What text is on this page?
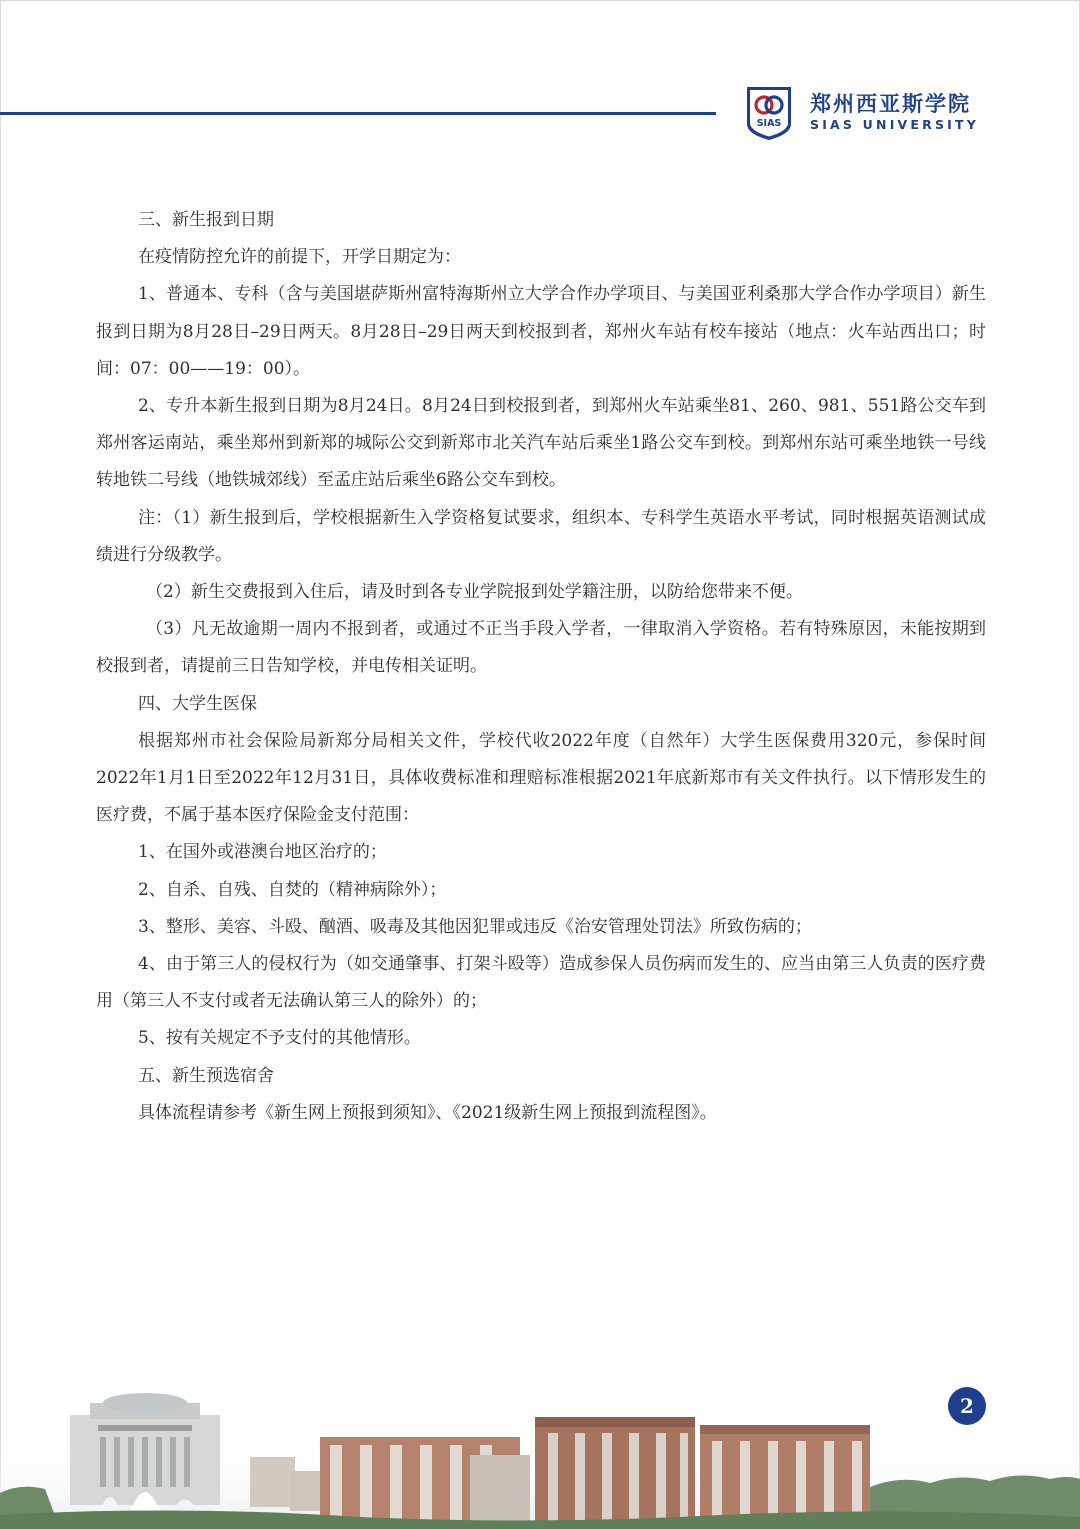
SIAS
郑州西亚斯学院
SIAS UNIVERSITY

三、新生报到日期

在疫情防控允许的前提下，开学日期定为：

1、普通本、专科（含与美国堪萨斯州富特海斯州立大学合作办学项目、与美国亚利桑那大学合作办学项目）新生报到日期为8月28日–29日两天。8月28日–29日两天到校报到者，郑州火车站有校车接站（地点：火车站西出口；时间：07：00——19：00）。

2、专升本新生报到日期为8月24日。8月24日到校报到者，到郑州火车站乘坐81、260、981、551路公交车到郑州客运南站，乘坐郑州到新郑的城际公交到新郑市北关汽车站后乘坐1路公交车到校。到郑州东站可乘坐地铁一号线转地铁二号线（地铁城郊线）至孟庄站后乘坐6路公交车到校。

注：（1）新生报到后，学校根据新生入学资格复试要求，组织本、专科学生英语水平考试，同时根据英语测试成绩进行分级教学。

（2）新生交费报到入住后，请及时到各专业学院报到处学籍注册，以防给您带来不便。

（3）凡无故逾期一周内不报到者，或通过不正当手段入学者，一律取消入学资格。若有特殊原因，未能按期到校报到者，请提前三日告知学校，并电传相关证明。

四、大学生医保

根据郑州市社会保险局新郑分局相关文件，学校代收2022年度（自然年）大学生医保费用320元，参保时间2022年1月1日至2022年12月31日，具体收费标准和理赔标准根据2021年底新郑市有关文件执行。以下情形发生的医疗费，不属于基本医疗保险金支付范围：

1、在国外或港澳台地区治疗的；

2、自杀、自残、自焚的（精神病除外）；

3、整形、美容、斗殴、酗酒、吸毒及其他因犯罪或违反《治安管理处罚法》所致伤病的；

4、由于第三人的侵权行为（如交通肇事、打架斗殴等）造成参保人员伤病而发生的、应当由第三人负责的医疗费用（第三人不支付或者无法确认第三人的除外）的；

5、按有关规定不予支付的其他情形。

五、新生预选宿舍

具体流程请参考《新生网上预报到须知》、《2021级新生网上预报到流程图》。

2
